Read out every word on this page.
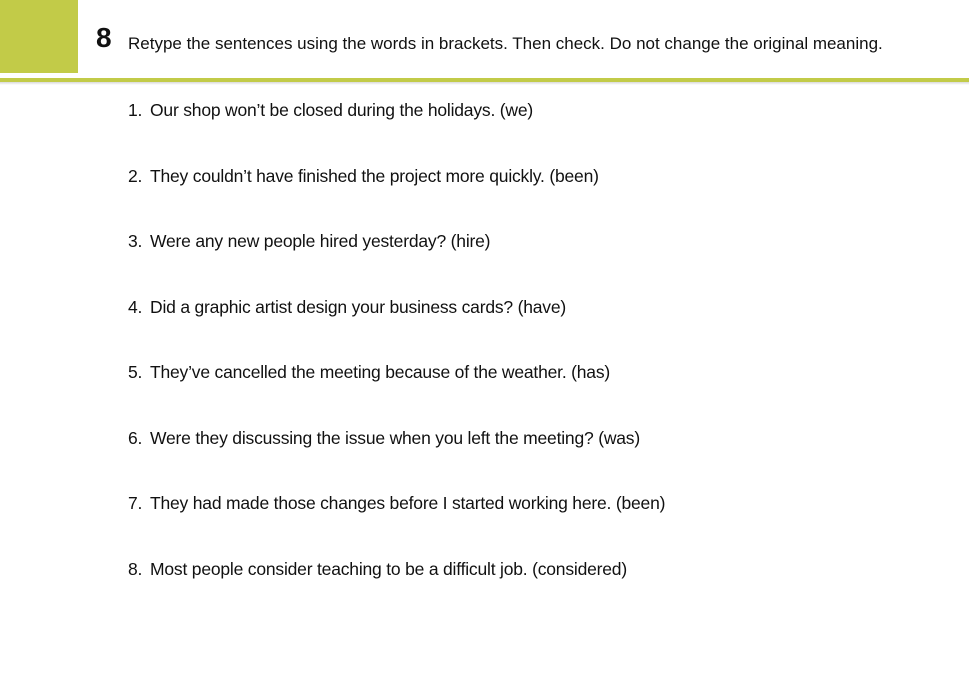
8 Retype the sentences using the words in brackets. Then check. Do not change the original meaning.
1. Our shop won’t be closed during the holidays. (we)
2. They couldn’t have finished the project more quickly. (been)
3. Were any new people hired yesterday? (hire)
4. Did a graphic artist design your business cards? (have)
5. They’ve cancelled the meeting because of the weather. (has)
6. Were they discussing the issue when you left the meeting? (was)
7. They had made those changes before I started working here. (been)
8. Most people consider teaching to be a difficult job. (considered)
